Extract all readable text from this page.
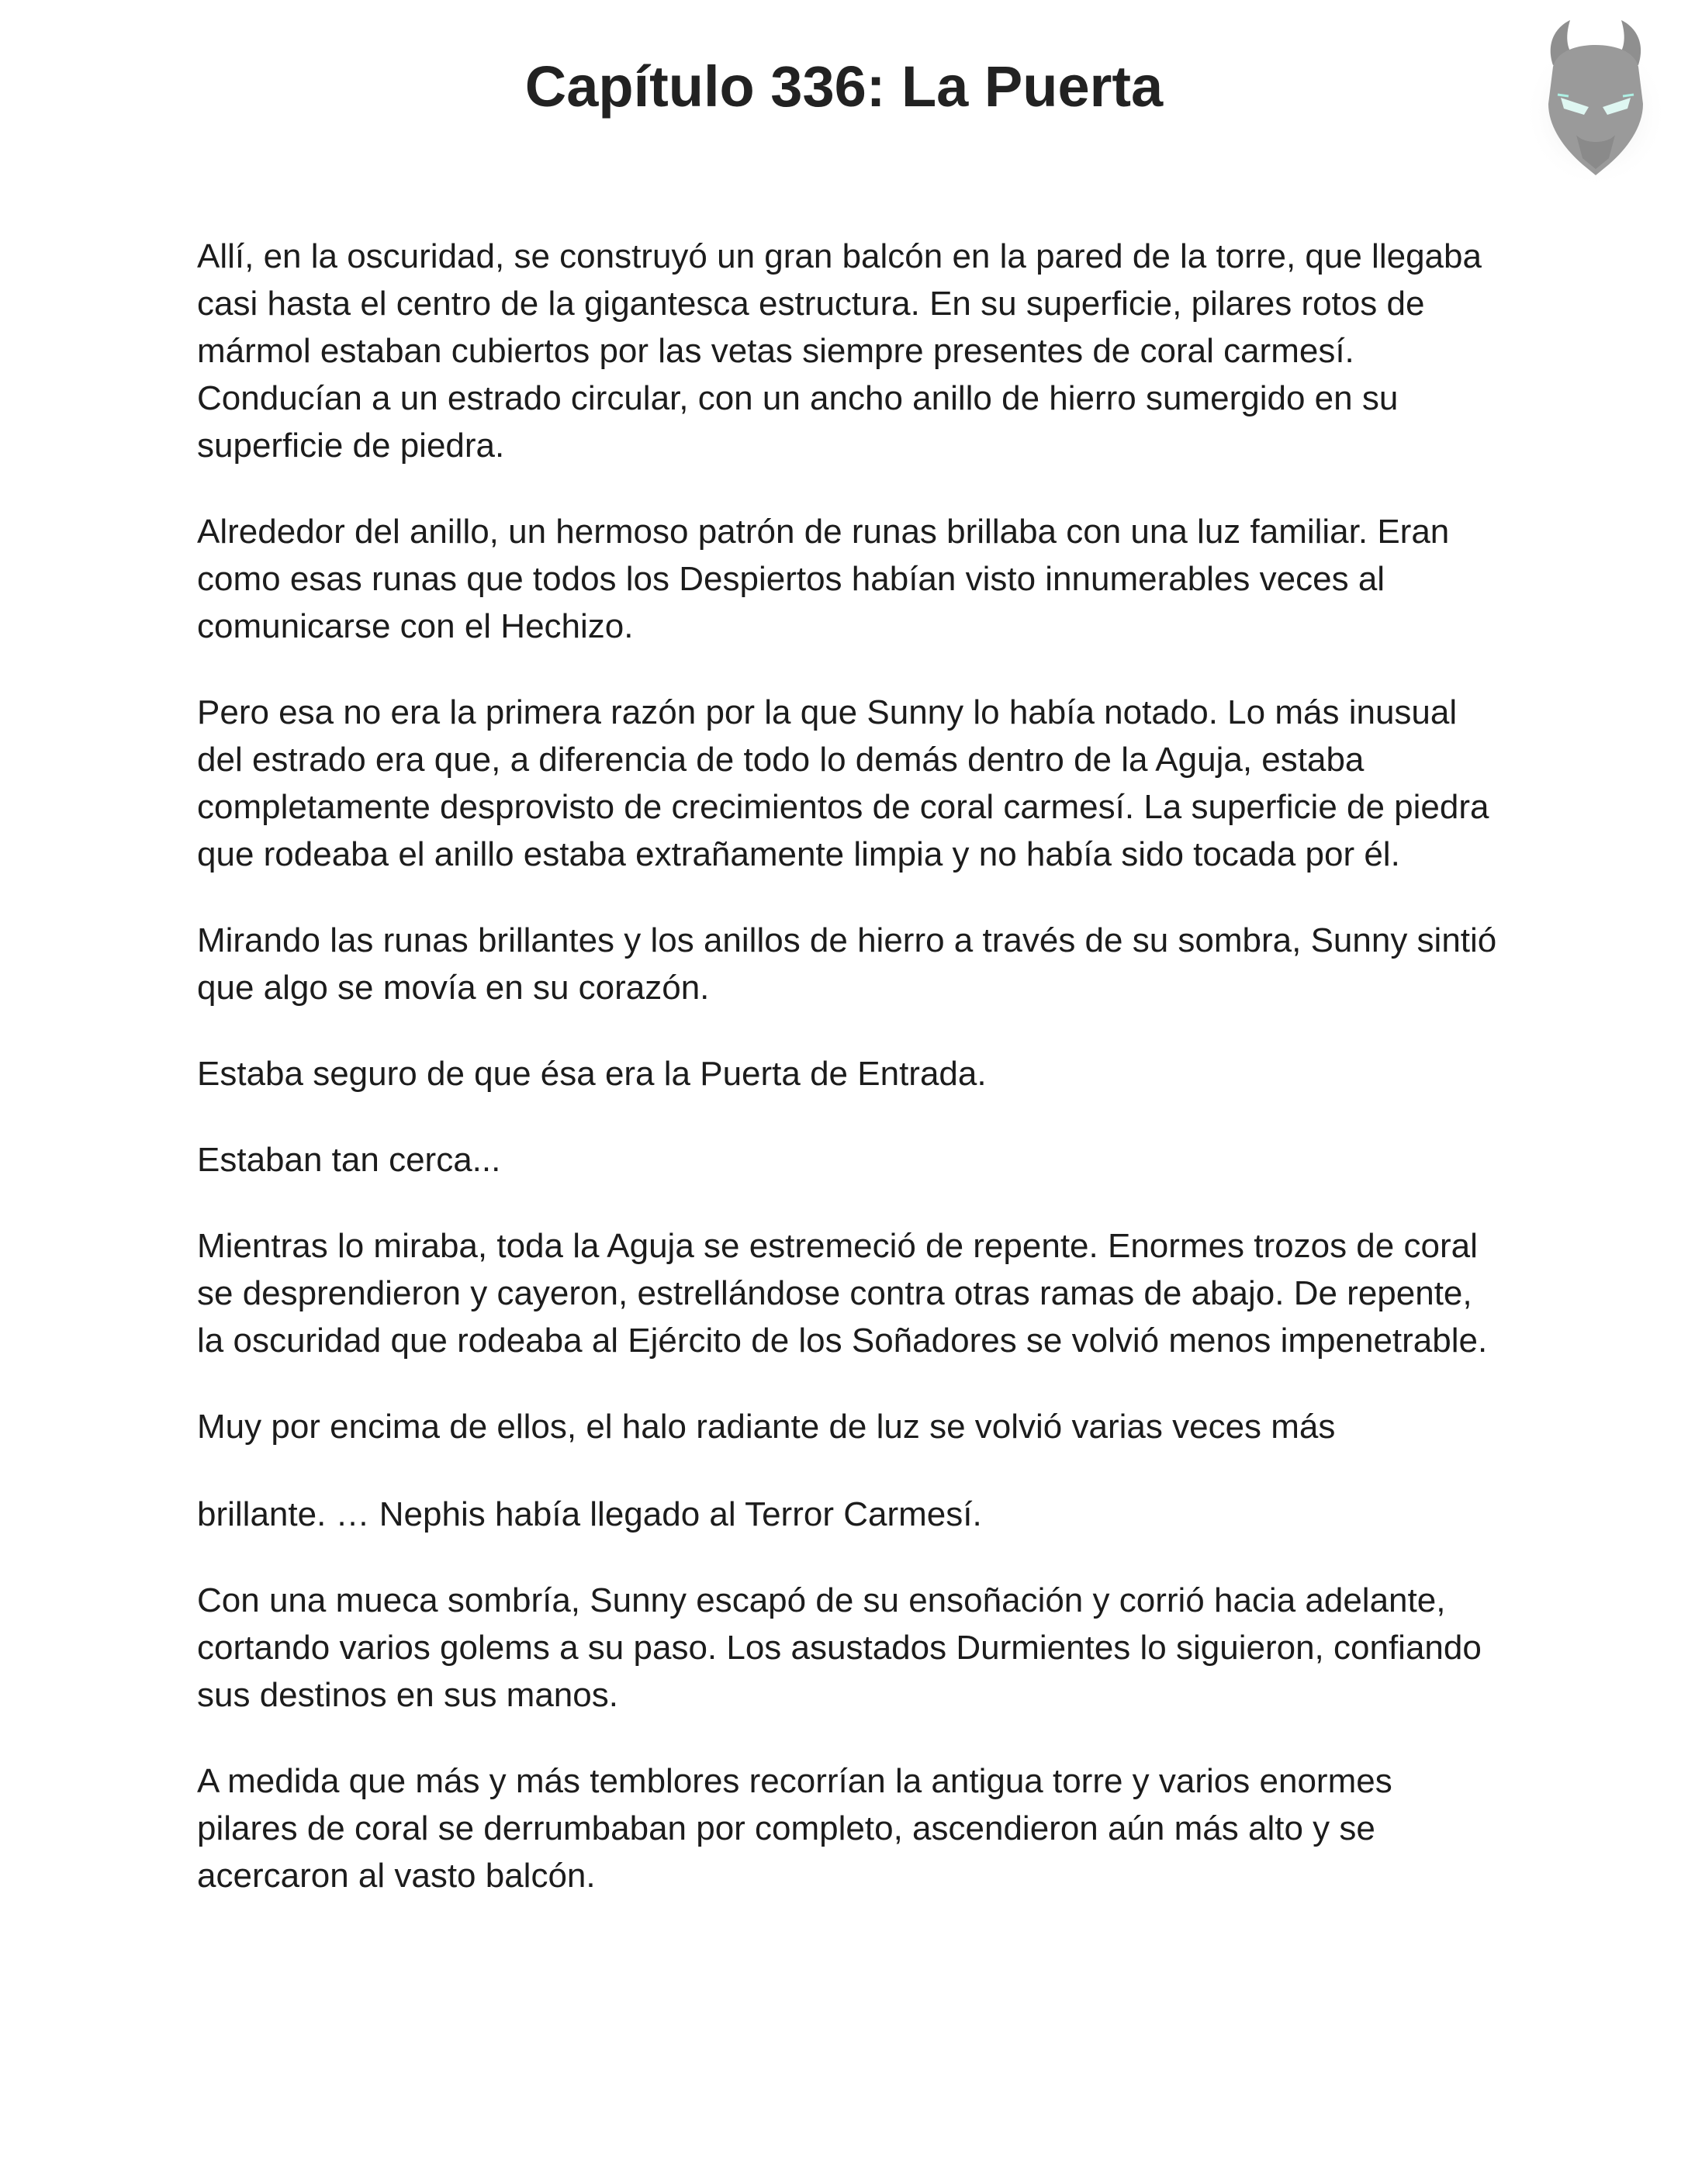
Capítulo 336: La Puerta

Allí, en la oscuridad, se construyó un gran balcón en la pared de la torre, que llegaba casi hasta el centro de la gigantesca estructura. En su superficie, pilares rotos de mármol estaban cubiertos por las vetas siempre presentes de coral carmesí. Conducían a un estrado circular, con un ancho anillo de hierro sumergido en su superficie de piedra.

Alrededor del anillo, un hermoso patrón de runas brillaba con una luz familiar. Eran como esas runas que todos los Despiertos habían visto innumerables veces al comunicarse con el Hechizo.

Pero esa no era la primera razón por la que Sunny lo había notado. Lo más inusual del estrado era que, a diferencia de todo lo demás dentro de la Aguja, estaba completamente desprovisto de crecimientos de coral carmesí. La superficie de piedra que rodeaba el anillo estaba extrañamente limpia y no había sido tocada por él.

Mirando las runas brillantes y los anillos de hierro a través de su sombra, Sunny sintió que algo se movía en su corazón.

Estaba seguro de que ésa era la Puerta de Entrada.

Estaban tan cerca...

Mientras lo miraba, toda la Aguja se estremeció de repente. Enormes trozos de coral se desprendieron y cayeron, estrellándose contra otras ramas de abajo. De repente, la oscuridad que rodeaba al Ejército de los Soñadores se volvió menos impenetrable.

Muy por encima de ellos, el halo radiante de luz se volvió varias veces más

brillante. … Nephis había llegado al Terror Carmesí.

Con una mueca sombría, Sunny escapó de su ensoñación y corrió hacia adelante, cortando varios golems a su paso. Los asustados Durmientes lo siguieron, confiando sus destinos en sus manos.

A medida que más y más temblores recorrían la antigua torre y varios enormes pilares de coral se derrumbaban por completo, ascendieron aún más alto y se acercaron al vasto balcón.
